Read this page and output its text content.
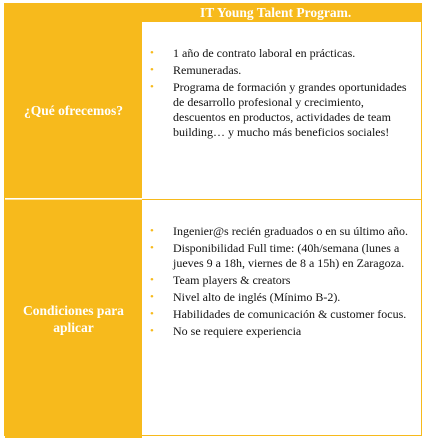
IT Young Talent Program.
¿Qué ofrecemos?
• 1 año de contrato laboral en prácticas.
• Remuneradas.
• Programa de formación y grandes oportunidades de desarrollo profesional y crecimiento, descuentos en productos, actividades de team building… y mucho más beneficios sociales!
Condiciones para aplicar
• Ingenier@s recién graduados o en su último año.
• Disponibilidad Full time: (40h/semana (lunes a jueves 9 a 18h, viernes de 8 a 15h) en Zaragoza.
• Team players & creators
• Nivel alto de inglés (Mínimo B-2).
• Habilidades de comunicación & customer focus.
• No se requiere experiencia
